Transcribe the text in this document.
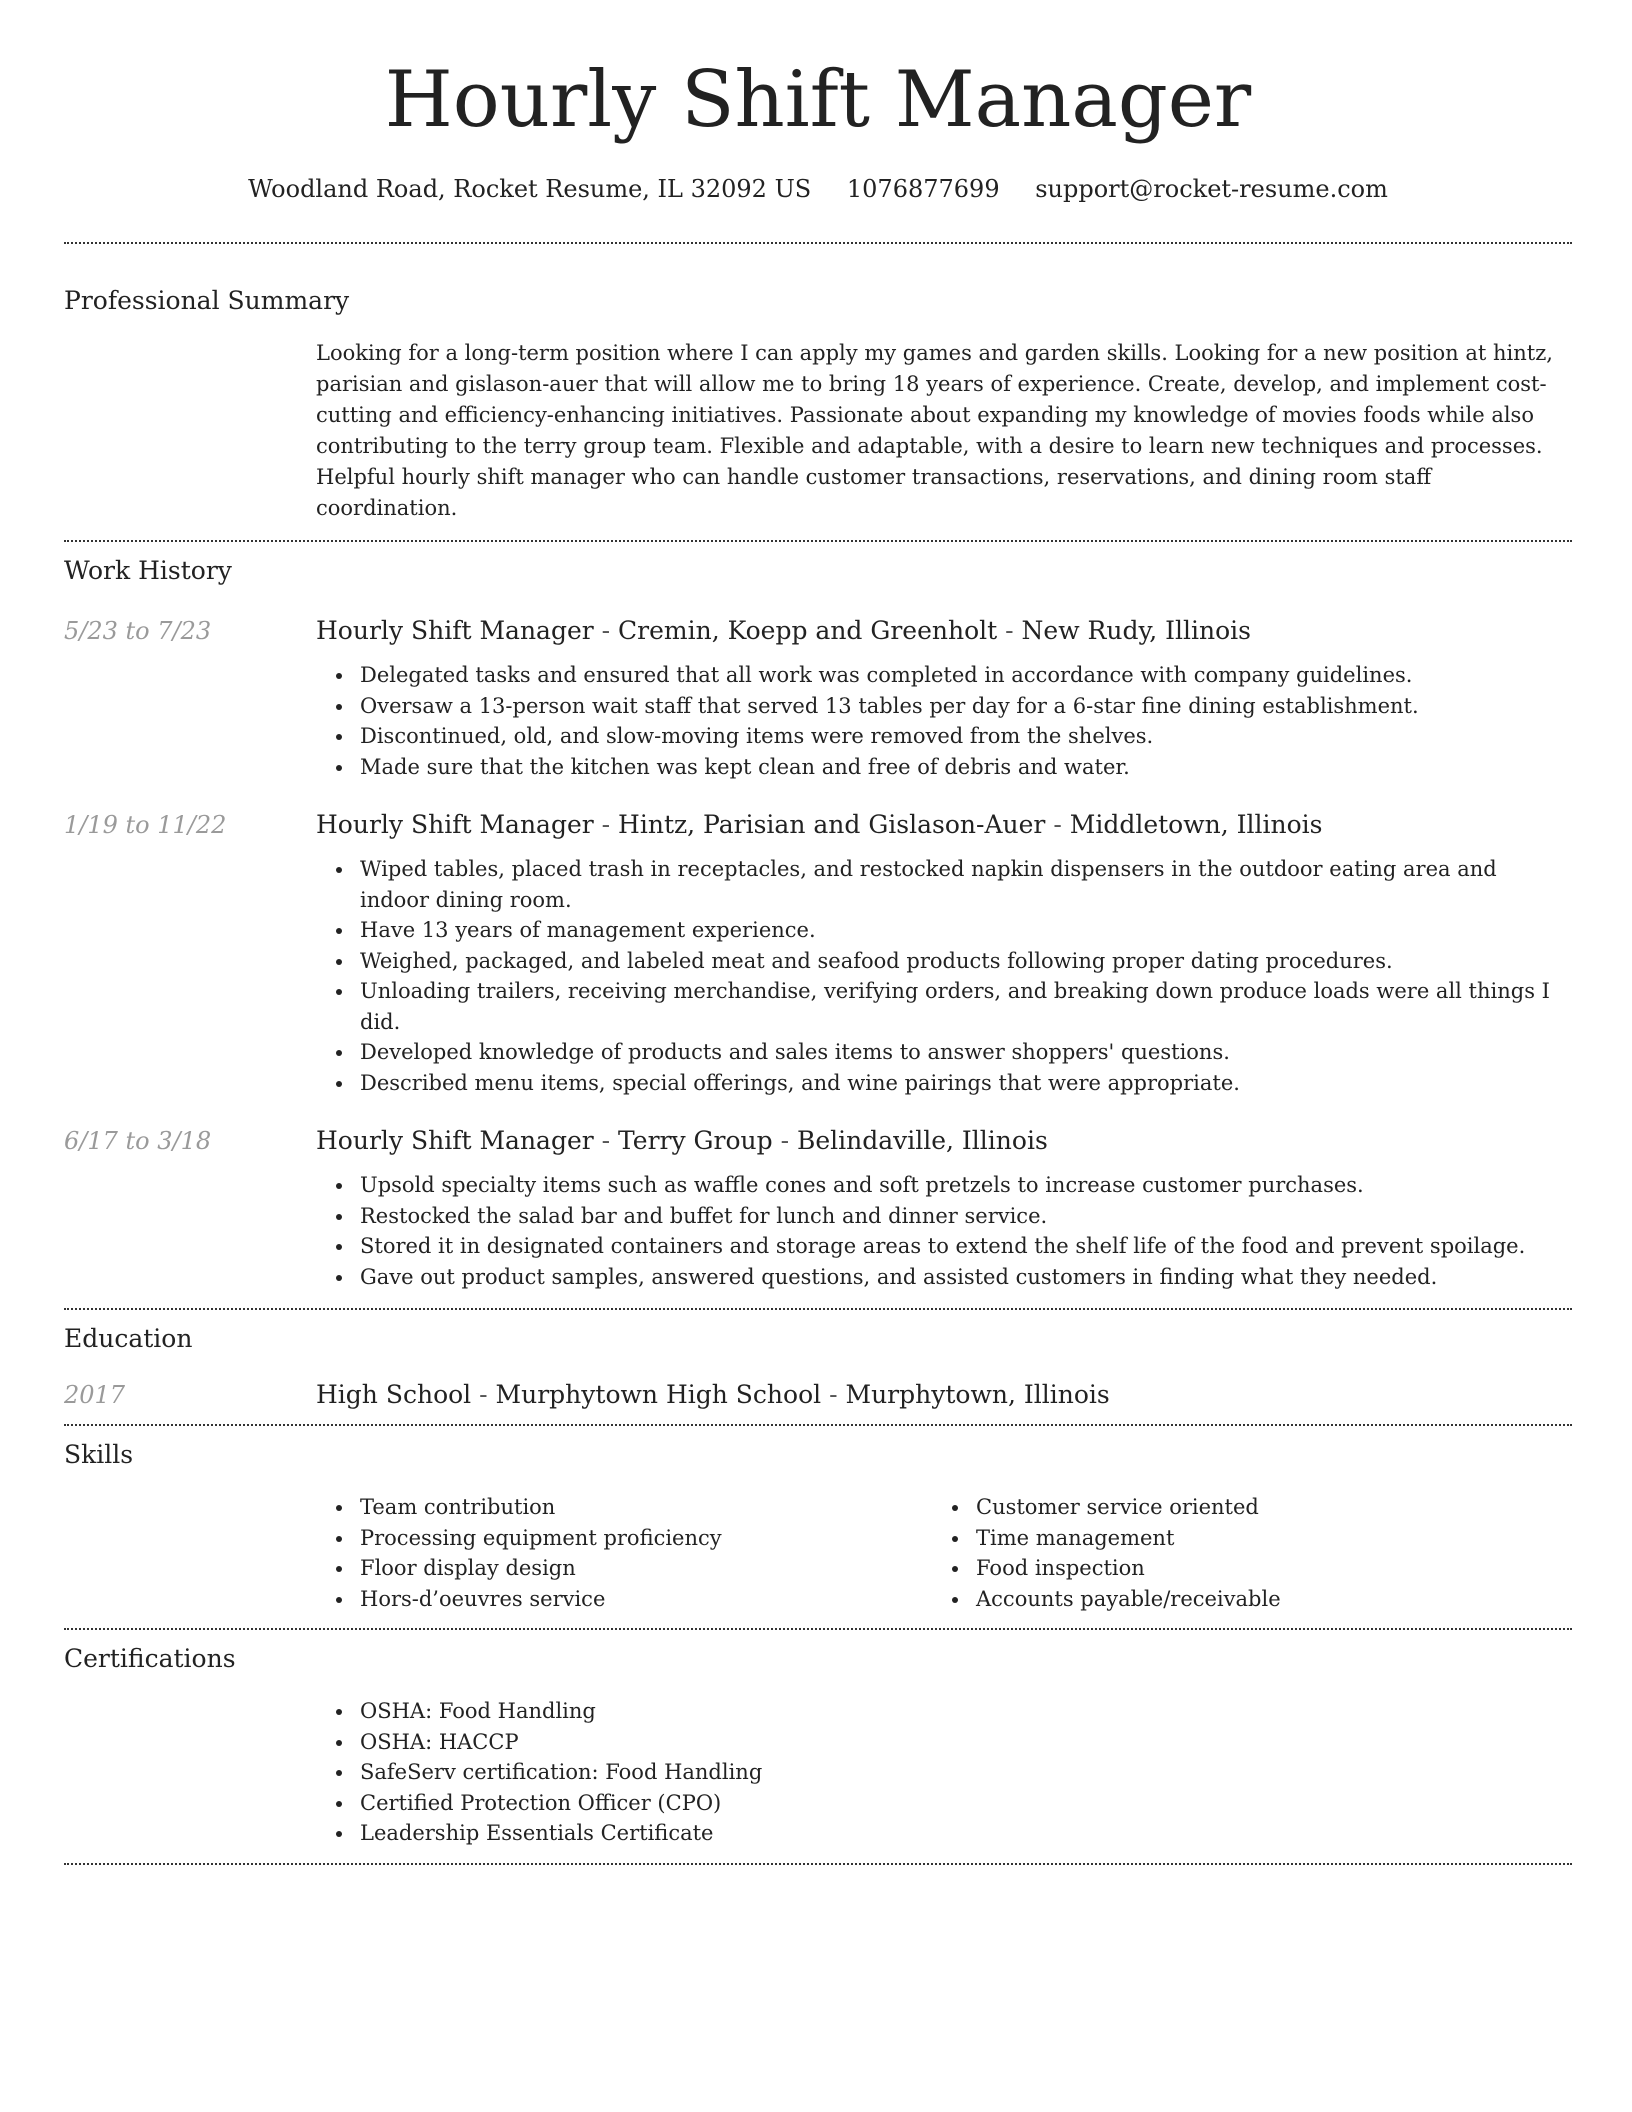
Hourly Shift Manager
Woodland Road, Rocket Resume, IL 32092 US 1076877699 support@rocket-resume.com
Professional Summary

Looking for a long-term position where I can apply my games and garden skills. Looking for a new position at hintz, parisian and gislason-auer that will allow me to bring 18 years of experience. Create, develop, and implement cost-cutting and efficiency-enhancing initiatives. Passionate about expanding my knowledge of movies foods while also contributing to the terry group team. Flexible and adaptable, with a desire to learn new techniques and processes. Helpful hourly shift manager who can handle customer transactions, reservations, and dining room staff coordination.

Work History
5/23 to 7/23	Hourly Shift Manager - Cremin, Koepp and Greenholt - New Rudy, Illinois
Delegated tasks and ensured that all work was completed in accordance with company guidelines.
Oversaw a 13-person wait staff that served 13 tables per day for a 6-star fine dining establishment.
Discontinued, old, and slow-moving items were removed from the shelves.
Made sure that the kitchen was kept clean and free of debris and water.
1/19 to 11/22	Hourly Shift Manager - Hintz, Parisian and Gislason-Auer - Middletown, Illinois
Wiped tables, placed trash in receptacles, and restocked napkin dispensers in the outdoor eating area and indoor dining room.
Have 13 years of management experience.
Weighed, packaged, and labeled meat and seafood products following proper dating procedures.
Unloading trailers, receiving merchandise, verifying orders, and breaking down produce loads were all things I did.
Developed knowledge of products and sales items to answer shoppers' questions.
Described menu items, special offerings, and wine pairings that were appropriate.
6/17 to 3/18	Hourly Shift Manager - Terry Group - Belindaville, Illinois
Upsold specialty items such as waffle cones and soft pretzels to increase customer purchases.
Restocked the salad bar and buffet for lunch and dinner service.
Stored it in designated containers and storage areas to extend the shelf life of the food and prevent spoilage.
Gave out product samples, answered questions, and assisted customers in finding what they needed.
Education
2017	High School - Murphytown High School - Murphytown, Illinois
Skills
Team contribution
Processing equipment proficiency
Floor display design
Hors-d’oeuvres service
Customer service oriented
Time management
Food inspection
Accounts payable/receivable
Certifications
OSHA: Food Handling
OSHA: HACCP
SafeServ certification: Food Handling
Certified Protection Officer (CPO)
Leadership Essentials Certificate
